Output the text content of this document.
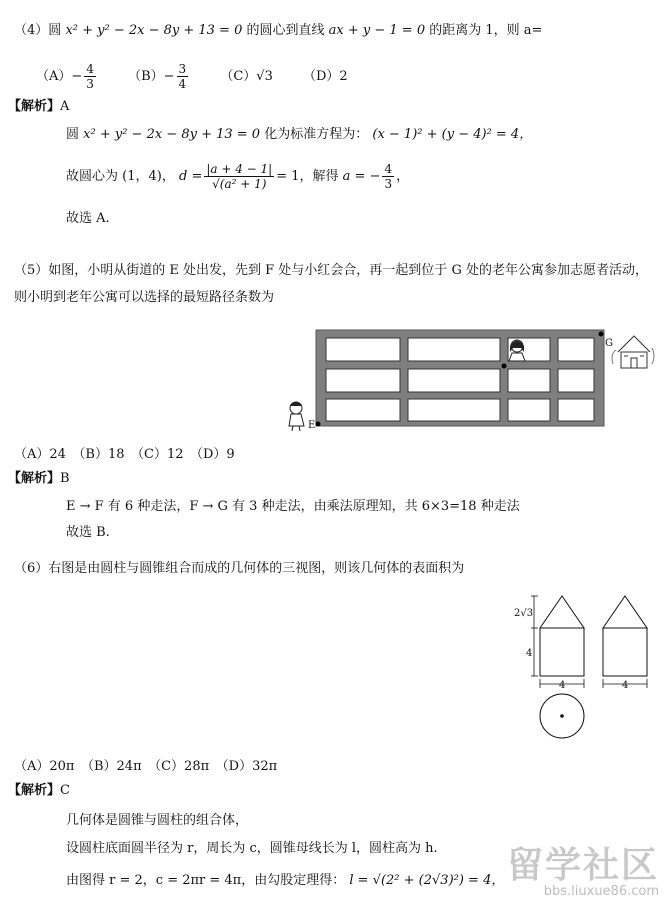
（4）圆 x² + y² − 2x − 8y + 13 = 0 的圆心到直线 ax + y − 1 = 0 的距离为 1，则 a=
$(A)- \frac{4}{3} (B)- \frac{3}{4} (C)√3$ （D）2
【解析】A
圆 x² + y² − 2x − 8y + 13 = 0 化为标准方程为： (x − 1)² + (y − 4)² = 4，
故圆心为 (1，4)， $d = \frac{|a + 4 - 1|}{\text{√(a² + 1)}} = 1$，解得 a = − $\frac{4}{3}$ ，
故选 A.
（5）如图，小明从街道的 E 处出发，先到 F 处与小红会合，再一起到位于 G 处的老年公寓参加志愿者活动，
则小明到老年公寓可以选择的最短路径条数为
E
G
（A）24　（B）18　（C）12　（D）9
【解析】B
E → F 有 6 种走法，F → G 有 3 种走法，由乘法原理知，共 6×3=18 种走法
故选 B.
（6）右图是由圆柱与圆锥组合而成的几何体的三视图，则该几何体的表面积为
2√3
4
4	4
（A）20π　（B）24π　（C）28π　（D）32π
【解析】C
几何体是圆锥与圆柱的组合体，
设圆柱底面圆半径为 r，周长为 c，圆锥母线长为 l，圆柱高为 h.
由图得 r = 2，c = 2πr = 4π，由勾股定理得： l = √(2² + (2√3)²) = 4， 留学社区
bbs.liuxue86.com
